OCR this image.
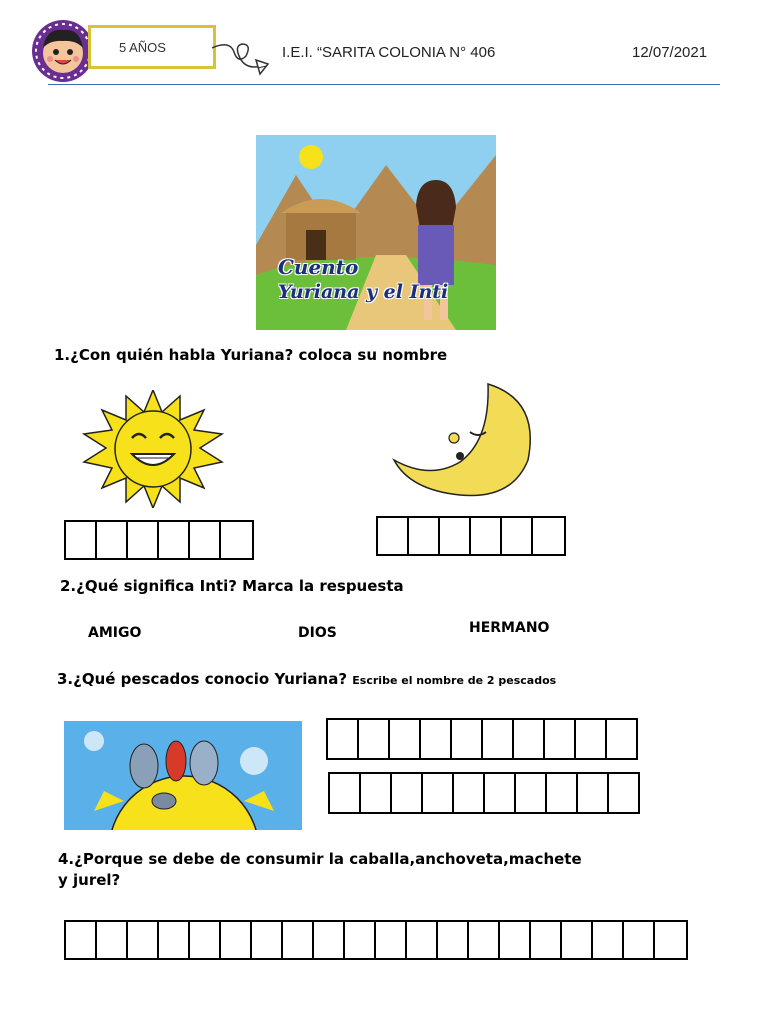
5 AÑOS	I.E.I. “SARITA COLONIA N° 406	12/07/2021
Cuento
Yuriana y el Inti
1.¿Con quién habla Yuriana? coloca su nombre
2.¿Qué significa Inti? Marca la respuesta
AMIGO	DIOS	HERMANO
3.¿Qué pescados conocio Yuriana? Escribe el nombre de 2 pescados
4.¿Porque se debe de consumir la caballa,anchoveta,machete
y jurel?
